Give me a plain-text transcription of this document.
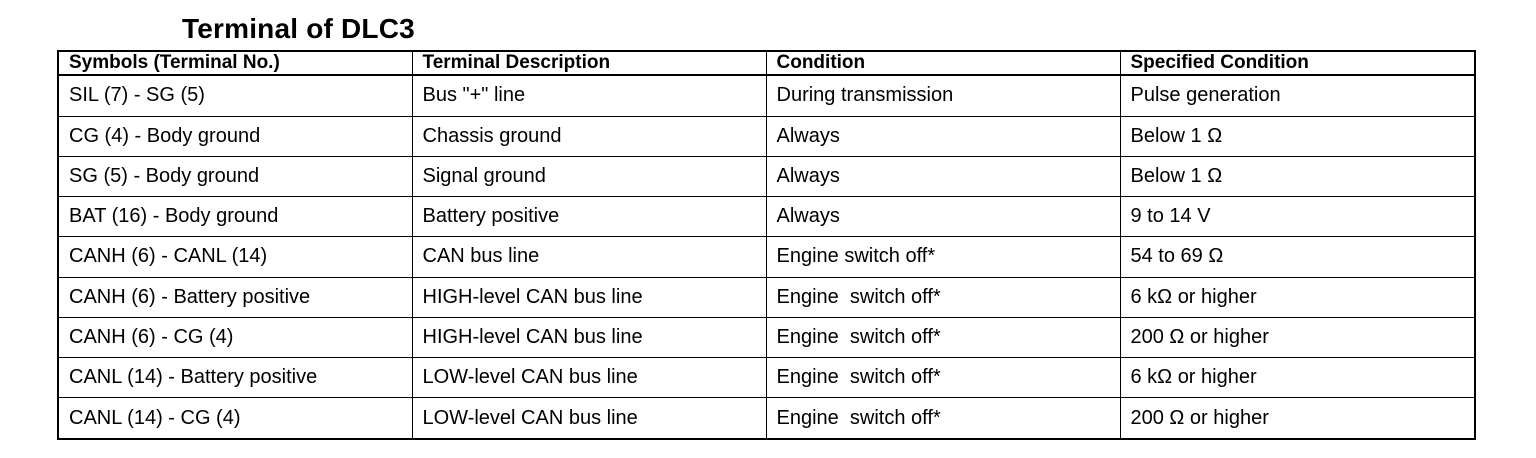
Terminal of DLC3
Symbols (Terminal No.)	Terminal Description	Condition	Specified Condition
SIL (7) - SG (5)	Bus "+" line	During transmission	Pulse generation
CG (4) - Body ground	Chassis ground	Always	Below 1 Ω
SG (5) - Body ground	Signal ground	Always	Below 1 Ω
BAT (16) - Body ground	Battery positive	Always	9 to 14 V
CANH (6) - CANL (14)	CAN bus line	Engine switch off*	54 to 69 Ω
CANH (6) - Battery positive	HIGH-level CAN bus line	Engine  switch off*	6 kΩ or higher
CANH (6) - CG (4)	HIGH-level CAN bus line	Engine  switch off*	200 Ω or higher
CANL (14) - Battery positive	LOW-level CAN bus line	Engine  switch off*	6 kΩ or higher
CANL (14) - CG (4)	LOW-level CAN bus line	Engine  switch off*	200 Ω or higher
